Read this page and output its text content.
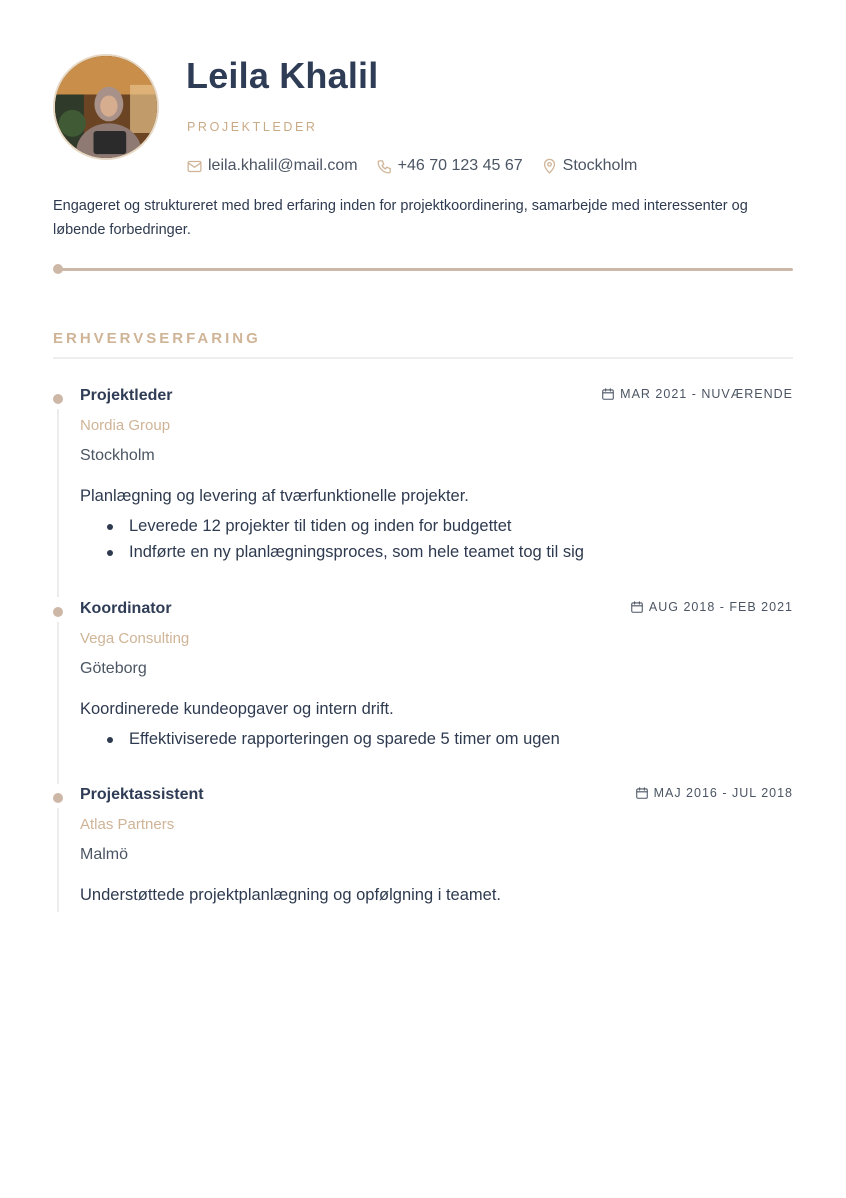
Leila Khalil
PROJEKTLEDER
leila.khalil@mail.com	+46 70 123 45 67	Stockholm
Engageret og struktureret med bred erfaring inden for projektkoordinering, samarbejde med interessenter og løbende forbedringer.
ERHVERVSERFARING
Projektleder	MAR 2021 - NUVÆRENDE
Nordia Group
Stockholm
Planlægning og levering af tværfunktionelle projekter.
Leverede 12 projekter til tiden og inden for budgettet
Indførte en ny planlægningsproces, som hele teamet tog til sig
Koordinator	AUG 2018 - FEB 2021
Vega Consulting
Göteborg
Koordinerede kundeopgaver og intern drift.
Effektiviserede rapporteringen og sparede 5 timer om ugen
Projektassistent	MAJ 2016 - JUL 2018
Atlas Partners
Malmö
Understøttede projektplanlægning og opfølgning i teamet.
